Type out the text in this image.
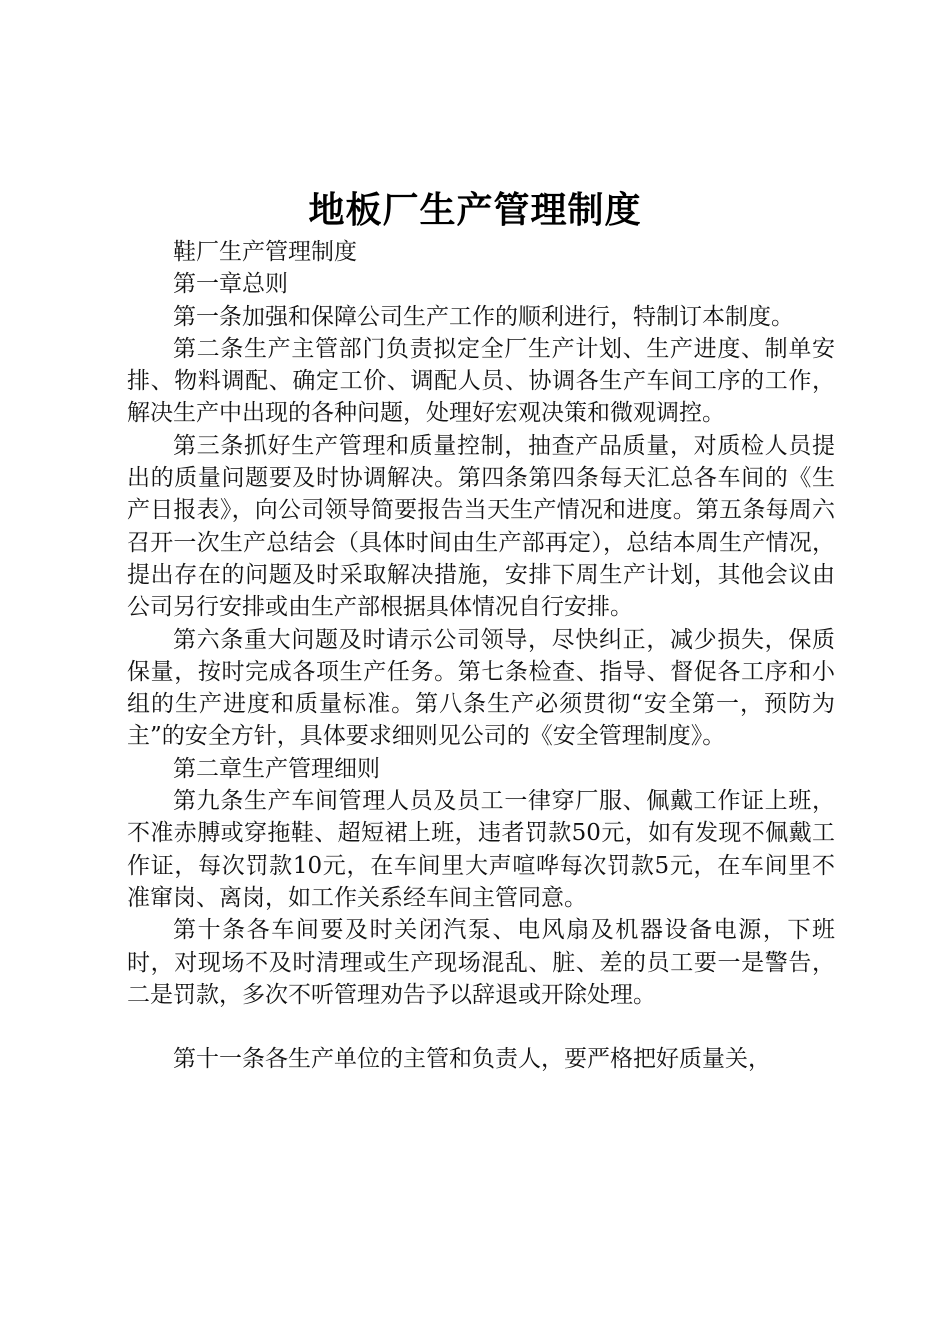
地板厂生产管理制度

鞋厂生产管理制度

第一章总则

第一条加强和保障公司生产工作的顺利进行，特制订本制度。

第二条生产主管部门负责拟定全厂生产计划、生产进度、制单安排、物料调配、确定工价、调配人员、协调各生产车间工序的工作，解决生产中出现的各种问题，处理好宏观决策和微观调控。

第三条抓好生产管理和质量控制，抽查产品质量，对质检人员提出的质量问题要及时协调解决。第四条第四条每天汇总各车间的《生产日报表》，向公司领导简要报告当天生产情况和进度。第五条每周六召开一次生产总结会（具体时间由生产部再定），总结本周生产情况，提出存在的问题及时采取解决措施，安排下周生产计划，其他会议由公司另行安排或由生产部根据具体情况自行安排。

第六条重大问题及时请示公司领导，尽快纠正，减少损失，保质保量，按时完成各项生产任务。第七条检查、指导、督促各工序和小组的生产进度和质量标准。第八条生产必须贯彻“安全第一，预防为主”的安全方针，具体要求细则见公司的《安全管理制度》。

第二章生产管理细则

第九条生产车间管理人员及员工一律穿厂服、佩戴工作证上班，不准赤膊或穿拖鞋、超短裙上班，违者罚款50元，如有发现不佩戴工作证，每次罚款10元，在车间里大声喧哗每次罚款5元，在车间里不准窜岗、离岗，如工作关系经车间主管同意。

第十条各车间要及时关闭汽泵、电风扇及机器设备电源，下班时，对现场不及时清理或生产现场混乱、脏、差的员工要一是警告，二是罚款，多次不听管理劝告予以辞退或开除处理。

第十一条各生产单位的主管和负责人，要严格把好质量关，
